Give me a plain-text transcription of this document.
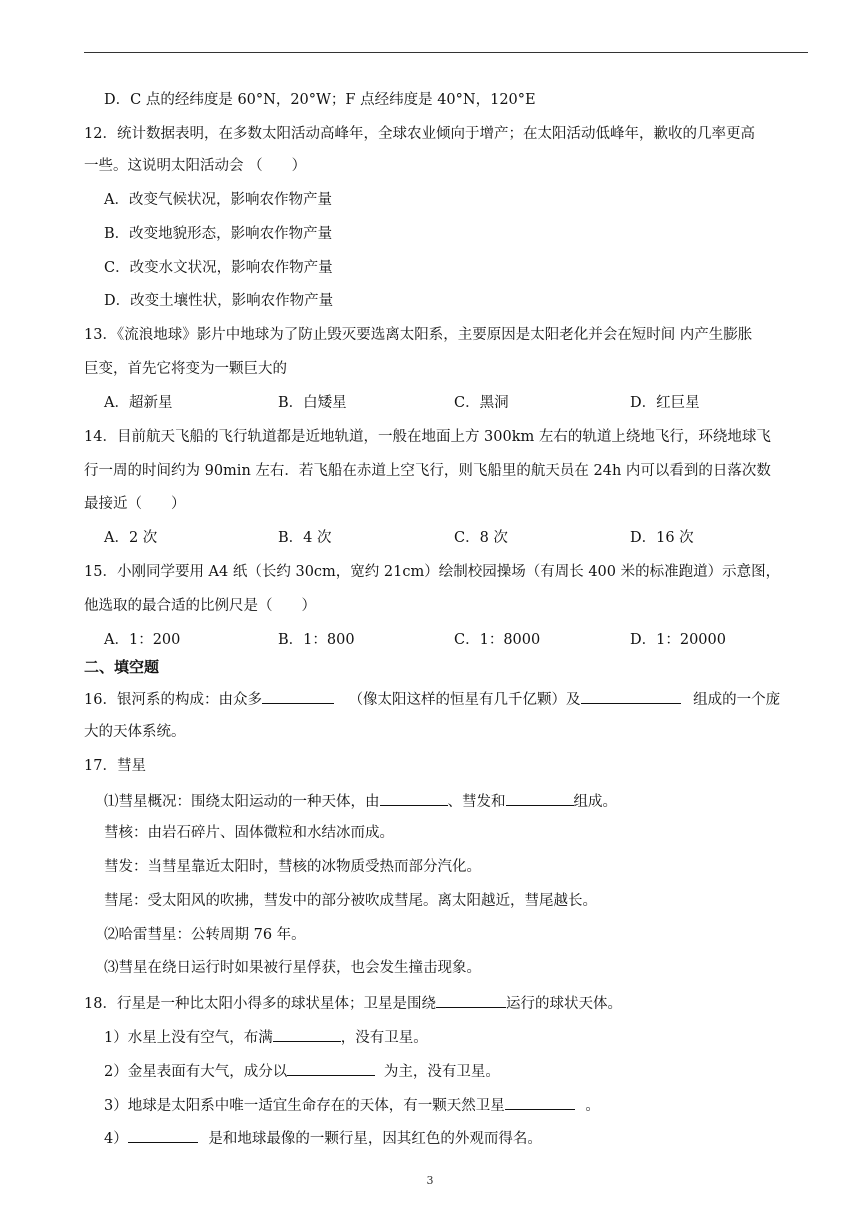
D．C 点的经纬度是 60°N，20°W；F 点经纬度是 40°N，120°E
12．统计数据表明，在多数太阳活动高峰年，全球农业倾向于增产；在太阳活动低峰年，歉收的几率更高
一些。这说明太阳活动会 （　　）
A．改变气候状况，影响农作物产量
B．改变地貌形态，影响农作物产量
C．改变水文状况，影响农作物产量
D．改变土壤性状，影响农作物产量
13．《流浪地球》影片中地球为了防止毁灭要选离太阳系，主要原因是太阳老化并会在短时间 内产生膨胀
巨变，首先它将变为一颗巨大的
A．超新星	B．白矮星	C．黑洞	D．红巨星
14．目前航天飞船的飞行轨道都是近地轨道，一般在地面上方 300km 左右的轨道上绕地飞行，环绕地球飞
行一周的时间约为 90min 左右．若飞船在赤道上空飞行，则飞船里的航天员在 24h 内可以看到的日落次数
最接近（　　）
A．2 次	B．4 次	C．8 次	D．16 次
15．小刚同学要用 A4 纸（长约 30cm，宽约 21cm）绘制校园操场（有周长 400 米的标准跑道）示意图，
他选取的最合适的比例尺是（　　）
A．1：200	B．1：800	C．1：8000	D．1：20000
二、填空题
16．银河系的构成：由众多	（像太阳这样的恒星有几千亿颗）及	组成的一个庞
大的天体系统。
17．彗星
⑴彗星概况：围绕太阳运动的一种天体，由	、彗发和	组成。
彗核：由岩石碎片、固体微粒和水结冰而成。
彗发：当彗星靠近太阳时，彗核的冰物质受热而部分汽化。
彗尾：受太阳风的吹拂，彗发中的部分被吹成彗尾。离太阳越近，彗尾越长。
⑵哈雷彗星：公转周期 76 年。
⑶彗星在绕日运行时如果被行星俘获，也会发生撞击现象。
18．行星是一种比太阳小得多的球状星体；卫星是围绕	运行的球状天体。
1）水星上没有空气，布满	，没有卫星。
2）金星表面有大气，成分以	为主，没有卫星。
3）地球是太阳系中唯一适宜生命存在的天体，有一颗天然卫星	。
4）	是和地球最像的一颗行星，因其红色的外观而得名。
3
